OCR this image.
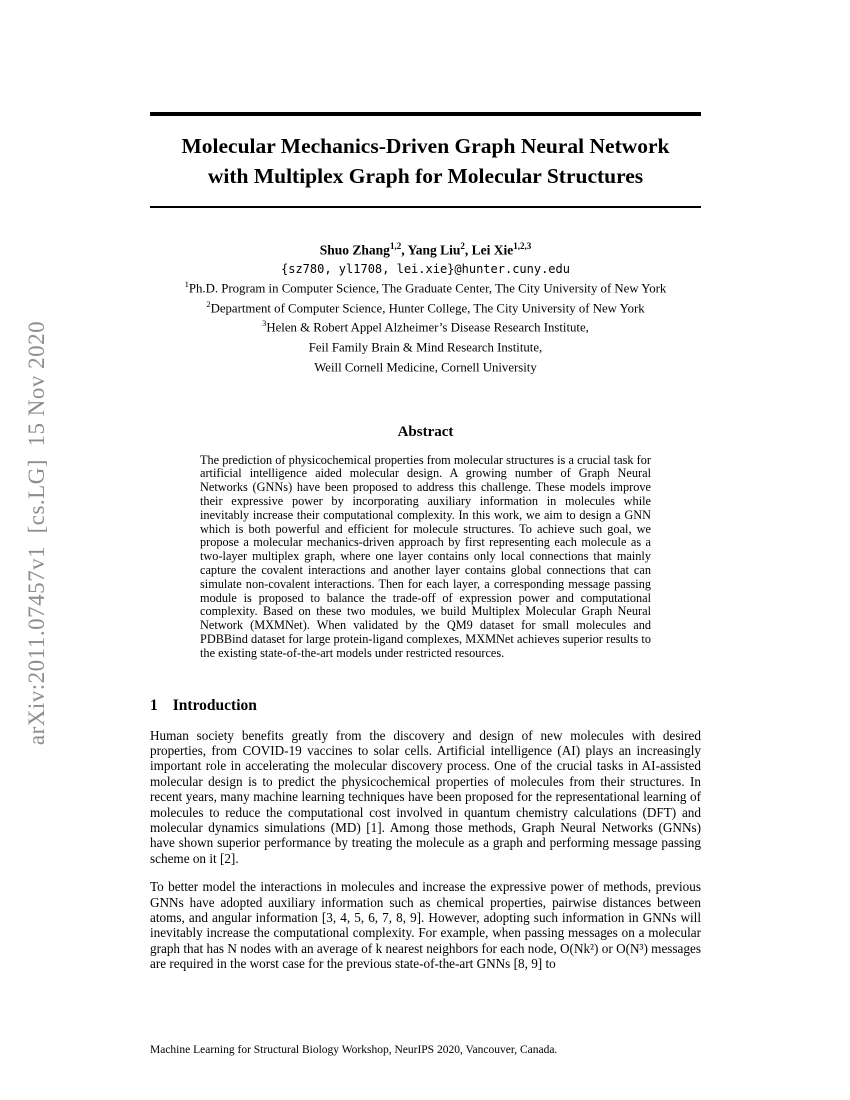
arXiv:2011.07457v1  [cs.LG]  15 Nov 2020
Molecular Mechanics-Driven Graph Neural Network
with Multiplex Graph for Molecular Structures
Shuo Zhang$^{1,2}$, Yang Liu$^2$, Lei Xie$^{1,2,3}$
{sz780, yl1708, lei.xie}@hunter.cuny.edu
$^1$Ph.D. Program in Computer Science, The Graduate Center, The City University of New York
$^2$Department of Computer Science, Hunter College, The City University of New York
$^3$Helen & Robert Appel Alzheimer’s Disease Research Institute,
Feil Family Brain & Mind Research Institute,
Weill Cornell Medicine, Cornell University
Abstract
The prediction of physicochemical properties from molecular structures is a crucial task for artificial intelligence aided molecular design. A growing number of Graph Neural Networks (GNNs) have been proposed to address this challenge. These models improve their expressive power by incorporating auxiliary information in molecules while inevitably increase their computational complexity. In this work, we aim to design a GNN which is both powerful and efficient for molecule structures. To achieve such goal, we propose a molecular mechanics-driven approach by first representing each molecule as a two-layer multiplex graph, where one layer contains only local connections that mainly capture the covalent interactions and another layer contains global connections that can simulate non-covalent interactions. Then for each layer, a corresponding message passing module is proposed to balance the trade-off of expression power and computational complexity. Based on these two modules, we build Multiplex Molecular Graph Neural Network (MXMNet). When validated by the QM9 dataset for small molecules and PDBBind dataset for large protein-ligand complexes, MXMNet achieves superior results to the existing state-of-the-art models under restricted resources.
1 Introduction
Human society benefits greatly from the discovery and design of new molecules with desired properties, from COVID-19 vaccines to solar cells. Artificial intelligence (AI) plays an increasingly important role in accelerating the molecular discovery process. One of the crucial tasks in AI-assisted molecular design is to predict the physicochemical properties of molecules from their structures. In recent years, many machine learning techniques have been proposed for the representational learning of molecules to reduce the computational cost involved in quantum chemistry calculations (DFT) and molecular dynamics simulations (MD) [1]. Among those methods, Graph Neural Networks (GNNs) have shown superior performance by treating the molecule as a graph and performing message passing scheme on it [2].
To better model the interactions in molecules and increase the expressive power of methods, previous GNNs have adopted auxiliary information such as chemical properties, pairwise distances between atoms, and angular information [3, 4, 5, 6, 7, 8, 9]. However, adopting such information in GNNs will inevitably increase the computational complexity. For example, when passing messages on a molecular graph that has N nodes with an average of k nearest neighbors for each node, O(Nk²) or O(N³) messages are required in the worst case for the previous state-of-the-art GNNs [8, 9] to
Machine Learning for Structural Biology Workshop, NeurIPS 2020, Vancouver, Canada.
